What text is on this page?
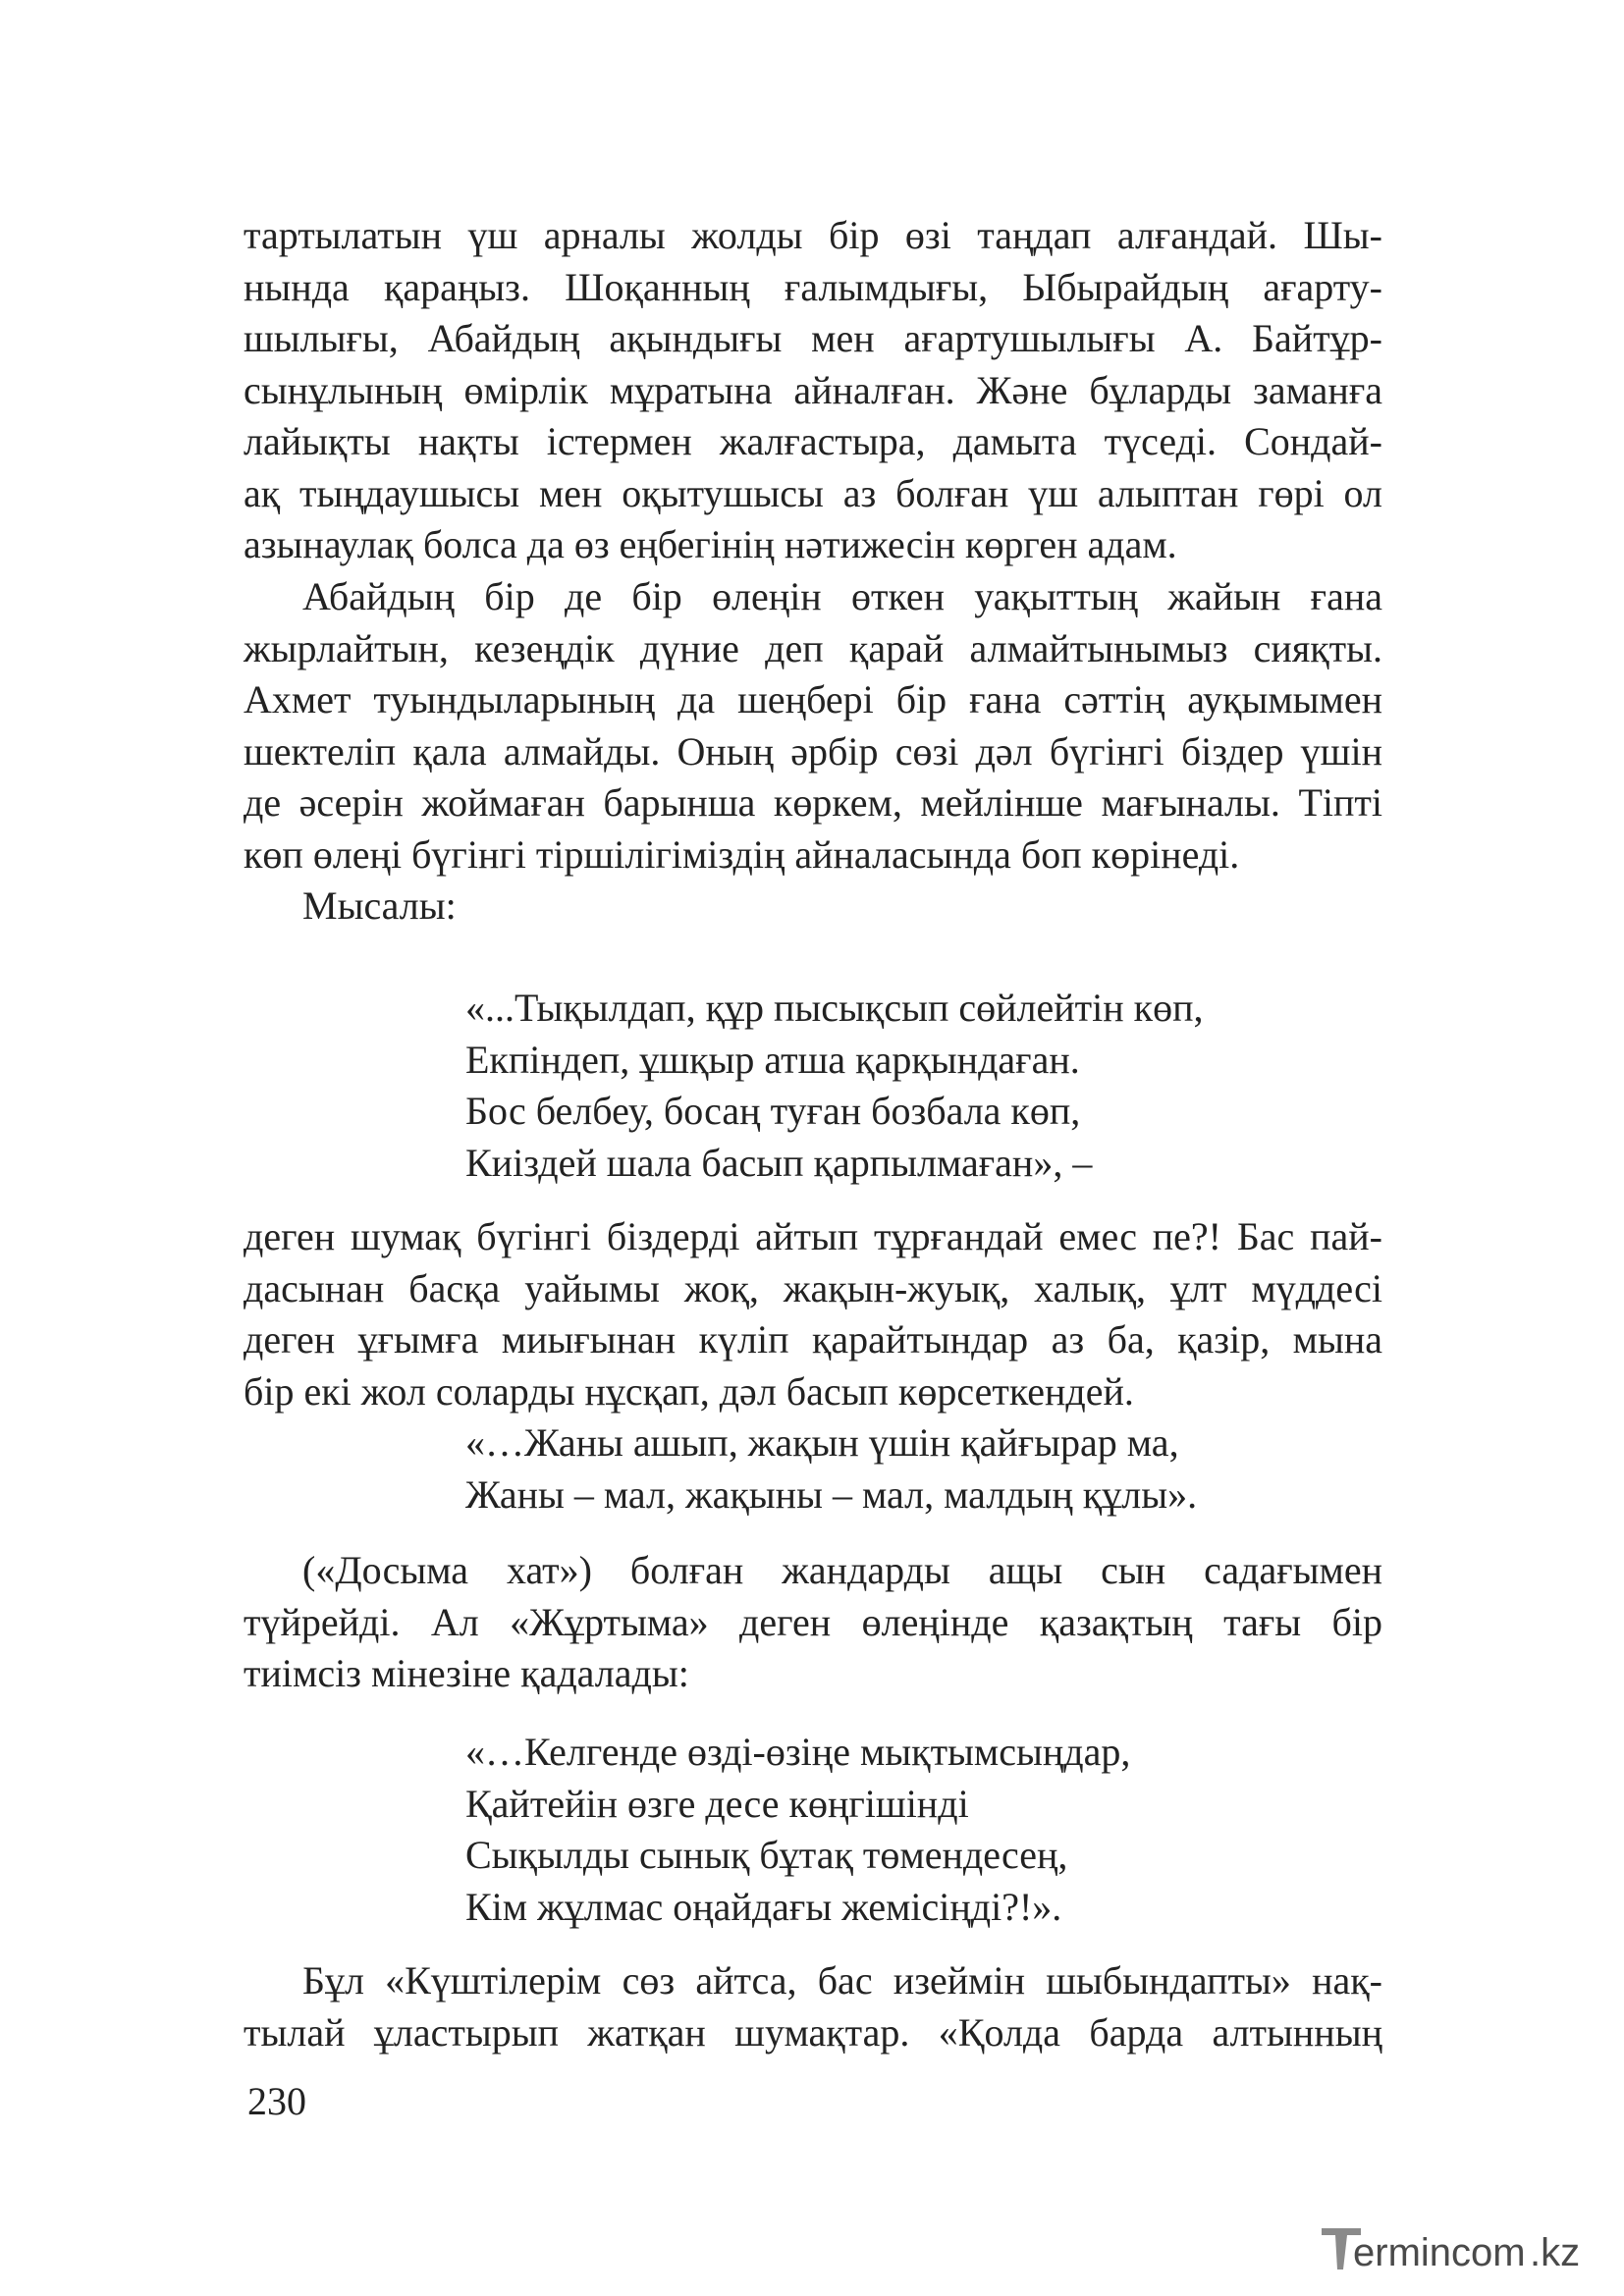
тартылатын үш арналы жолды бір өзі таңдап алғандай. Шы-
нында қараңыз. Шоқанның ғалымдығы, Ыбырайдың ағарту-
шылығы, Абайдың ақындығы мен ағартушылығы А. Байтұр-
сынұлының өмірлік мұратына айналған. Және бұларды заманға
лайықты нақты істермен жалғастыра, дамыта түседі. Сондай-
ақ тыңдаушысы мен оқытушысы аз болған үш алыптан гөрі ол
азынаулақ болса да өз еңбегінің нәтижесін көрген адам.

Абайдың бір де бір өлеңін өткен уақыттың жайын ғана
жырлайтын, кезеңдік дүние деп қарай алмайтынымыз сияқты.
Ахмет туындыларының да шеңбері бір ғана сәттің ауқымымен
шектеліп қала алмайды. Оның әрбір сөзі дәл бүгінгі біздер үшін
де әсерін жоймаған барынша көркем, мейлінше мағыналы. Тіпті
көп өлеңі бүгінгі тіршілігіміздің айналасында боп көрінеді.

Мысалы:
«...Тықылдап, құр пысықсып сөйлейтін көп,
Екпіндеп, ұшқыр атша қарқындаған.
Бос белбеу, босаң туған бозбала көп,
Киіздей шала басып қарпылмаған», –

деген шумақ бүгінгі біздерді айтып тұрғандай емес пе?! Бас пай-
дасынан басқа уайымы жоқ, жақын-жуық, халық, ұлт мүддесі
деген ұғымға миығынан күліп қарайтындар аз ба, қазір, мына
бір екі жол соларды нұсқап, дәл басып көрсеткендей.

«…Жаны ашып, жақын үшін қайғырар ма,
Жаны – мал, жақыны – мал, малдың құлы».

(«Досыма хат») болған жандарды ащы сын садағымен
түйрейді. Ал «Жұртыма» деген өлеңінде қазақтың тағы бір
тиімсіз мінезіне қадалады:

«…Келгенде өзді-өзіңе мықтымсыңдар,
Қайтейін өзге десе көңгішінді
Сықылды сынық бұтақ төмендесең,
Кім жұлмас оңайдағы жемісіңді?!».

Бұл «Күштілерім сөз айтса, бас изеймін шыбындапты» нақ-
тылай ұластырып жатқан шумақтар. «Қолда барда алтынның

230
ermincom .kz
